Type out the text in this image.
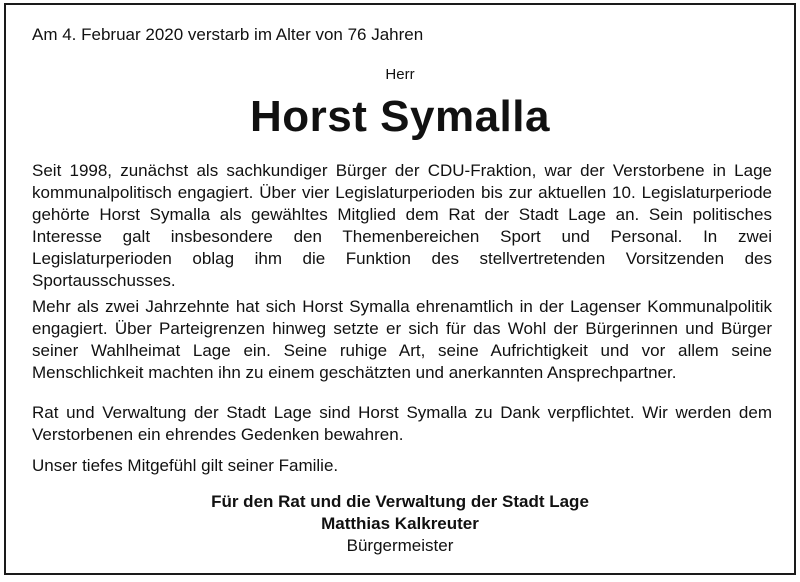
Am 4. Februar 2020 verstarb im Alter von 76 Jahren
Herr
Horst Symalla

Seit 1998, zunächst als sachkundiger Bürger der CDU-Fraktion, war der Verstorbene in Lage kommunalpolitisch engagiert. Über vier Legislaturperioden bis zur aktuellen 10. Legislaturperiode gehörte Horst Symalla als gewähltes Mitglied dem Rat der Stadt Lage an. Sein politisches Interesse galt insbesondere den Themenbereichen Sport und Personal. In zwei Legislaturperioden oblag ihm die Funktion des stellvertretenden Vorsitzenden des Sportausschusses.

Mehr als zwei Jahrzehnte hat sich Horst Symalla ehrenamtlich in der Lagenser Kommunalpolitik engagiert. Über Parteigrenzen hinweg setzte er sich für das Wohl der Bürgerinnen und Bürger seiner Wahlheimat Lage ein. Seine ruhige Art, seine Aufrichtigkeit und vor allem seine Menschlichkeit machten ihn zu einem geschätzten und anerkannten Ansprechpartner.

Rat und Verwaltung der Stadt Lage sind Horst Symalla zu Dank verpflichtet. Wir werden dem Verstorbenen ein ehrendes Gedenken bewahren.

Unser tiefes Mitgefühl gilt seiner Familie.

Für den Rat und die Verwaltung der Stadt Lage
Matthias Kalkreuter
Bürgermeister
